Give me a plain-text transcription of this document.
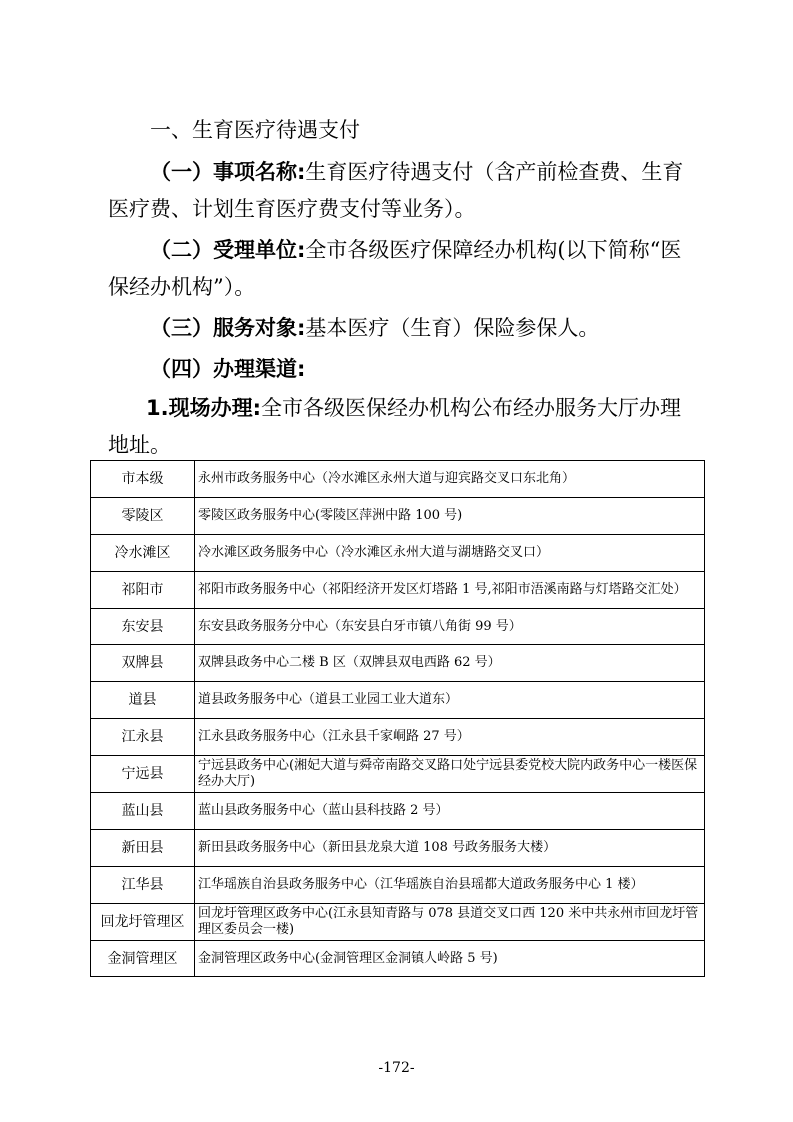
一、生育医疗待遇支付

（一）事项名称:生育医疗待遇支付（含产前检查费、生育医疗费、计划生育医疗费支付等业务）。

（二）受理单位:全市各级医疗保障经办机构(以下简称“医保经办机构”）。

（三）服务对象:基本医疗（生育）保险参保人。

（四）办理渠道:

1.现场办理:全市各级医保经办机构公布经办服务大厅办理地址。

市本级	永州市政务服务中心（冷水滩区永州大道与迎宾路交叉口东北角）
零陵区	零陵区政务服务中心(零陵区萍洲中路 100 号)
冷水滩区	冷水滩区政务服务中心（冷水滩区永州大道与湖塘路交叉口）
祁阳市	祁阳市政务服务中心（祁阳经济开发区灯塔路 1 号,祁阳市浯溪南路与灯塔路交汇处）
东安县	东安县政务服务分中心（东安县白牙市镇八角街 99 号）
双牌县	双牌县政务中心二楼 B 区（双牌县双电西路 62 号）
道县	道县政务服务中心（道县工业园工业大道东）
江永县	江永县政务服务中心（江永县千家峒路 27 号）
宁远县	宁远县政务中心(湘妃大道与舜帝南路交叉路口处宁远县委党校大院内政务中心一楼医保经办大厅)
蓝山县	蓝山县政务服务中心（蓝山县科技路 2 号）
新田县	新田县政务服务中心（新田县龙泉大道 108 号政务服务大楼）
江华县	江华瑶族自治县政务服务中心（江华瑶族自治县瑶都大道政务服务中心 1 楼）
回龙圩管理区	回龙圩管理区政务中心(江永县知青路与 078 县道交叉口西 120 米中共永州市回龙圩管理区委员会一楼)
金洞管理区	金洞管理区政务中心(金洞管理区金洞镇人岭路 5 号)
-172-
